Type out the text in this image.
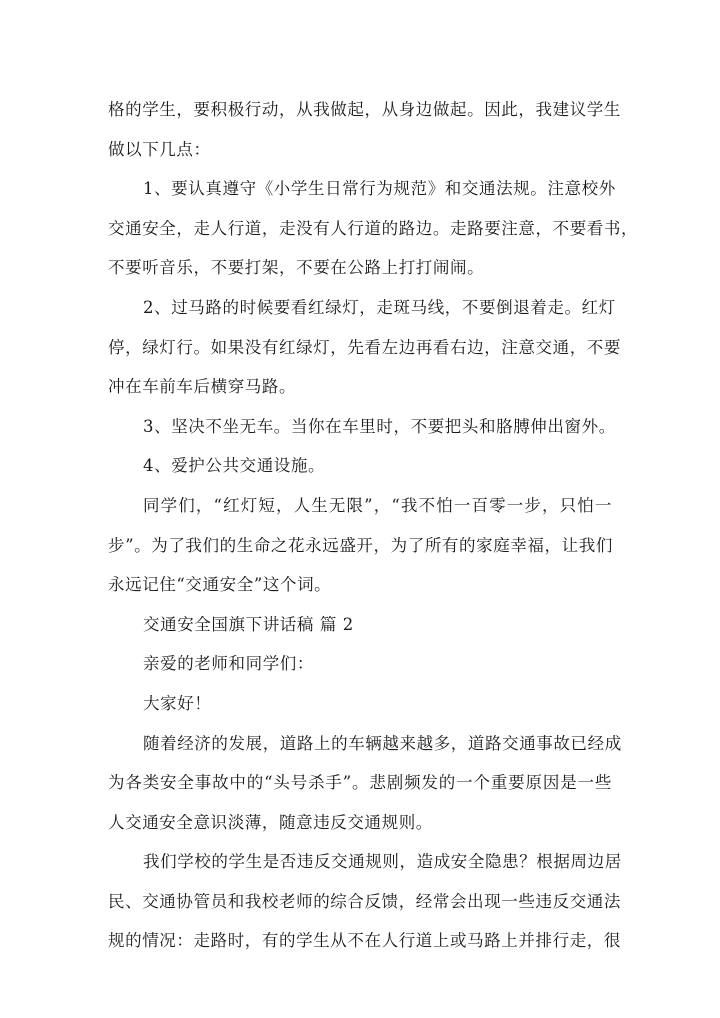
格的学生，要积极行动，从我做起，从身边做起。因此，我建议学生
做以下几点：
1、要认真遵守《小学生日常行为规范》和交通法规。注意校外
交通安全，走人行道，走没有人行道的路边。走路要注意，不要看书，
不要听音乐，不要打架，不要在公路上打打闹闹。
2、过马路的时候要看红绿灯，走斑马线，不要倒退着走。红灯
停，绿灯行。如果没有红绿灯，先看左边再看右边，注意交通，不要
冲在车前车后横穿马路。
3、坚决不坐无车。当你在车里时，不要把头和胳膊伸出窗外。
4、爱护公共交通设施。
同学们，“红灯短，人生无限”，“我不怕一百零一步，只怕一
步”。为了我们的生命之花永远盛开，为了所有的家庭幸福，让我们
永远记住“交通安全”这个词。
交通安全国旗下讲话稿 篇 2
亲爱的老师和同学们：
大家好！
随着经济的发展，道路上的车辆越来越多，道路交通事故已经成
为各类安全事故中的“头号杀手”。悲剧频发的一个重要原因是一些
人交通安全意识淡薄，随意违反交通规则。
我们学校的学生是否违反交通规则，造成安全隐患？根据周边居
民、交通协管员和我校老师的综合反馈，经常会出现一些违反交通法
规的情况：走路时，有的学生从不在人行道上或马路上并排行走，很
